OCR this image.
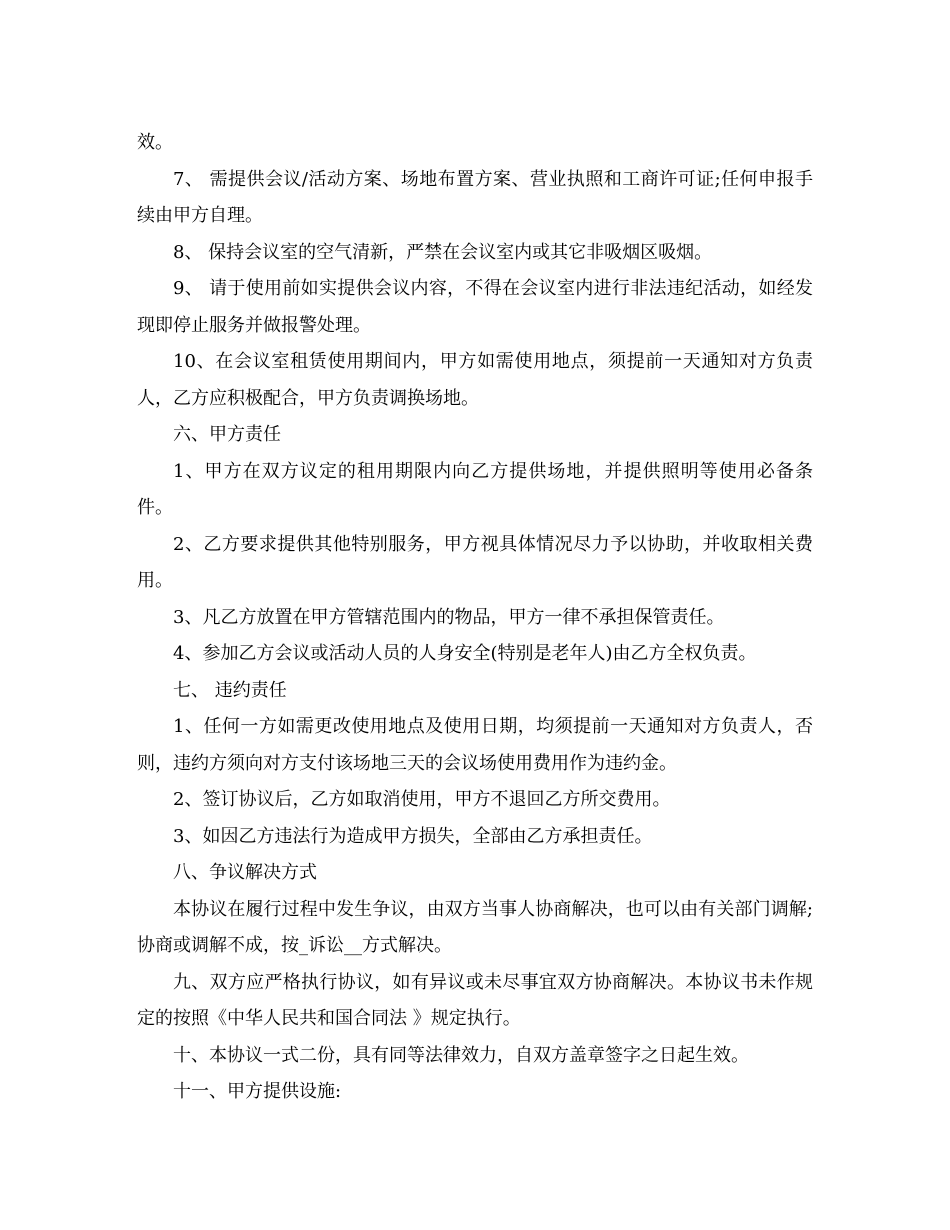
效。

7、 需提供会议/活动方案、场地布置方案、营业执照和工商许可证;任何申报手续由甲方自理。

8、 保持会议室的空气清新，严禁在会议室内或其它非吸烟区吸烟。

9、 请于使用前如实提供会议内容，不得在会议室内进行非法违纪活动，如经发现即停止服务并做报警处理。

10、在会议室租赁使用期间内，甲方如需使用地点，须提前一天通知对方负责人，乙方应积极配合，甲方负责调换场地。

六、甲方责任

1、甲方在双方议定的租用期限内向乙方提供场地，并提供照明等使用必备条件。

2、乙方要求提供其他特别服务，甲方视具体情况尽力予以协助，并收取相关费用。

3、凡乙方放置在甲方管辖范围内的物品，甲方一律不承担保管责任。

4、参加乙方会议或活动人员的人身安全(特别是老年人)由乙方全权负责。

七、 违约责任

1、任何一方如需更改使用地点及使用日期，均须提前一天通知对方负责人，否则，违约方须向对方支付该场地三天的会议场使用费用作为违约金。

2、签订协议后，乙方如取消使用，甲方不退回乙方所交费用。

3、如因乙方违法行为造成甲方损失，全部由乙方承担责任。

八、争议解决方式

本协议在履行过程中发生争议，由双方当事人协商解决，也可以由有关部门调解;协商或调解不成，按_诉讼__方式解决。

九、双方应严格执行协议，如有异议或未尽事宜双方协商解决。本协议书未作规定的按照《中华人民共和国合同法 》规定执行。

十、本协议一式二份，具有同等法律效力，自双方盖章签字之日起生效。

十一、甲方提供设施:
